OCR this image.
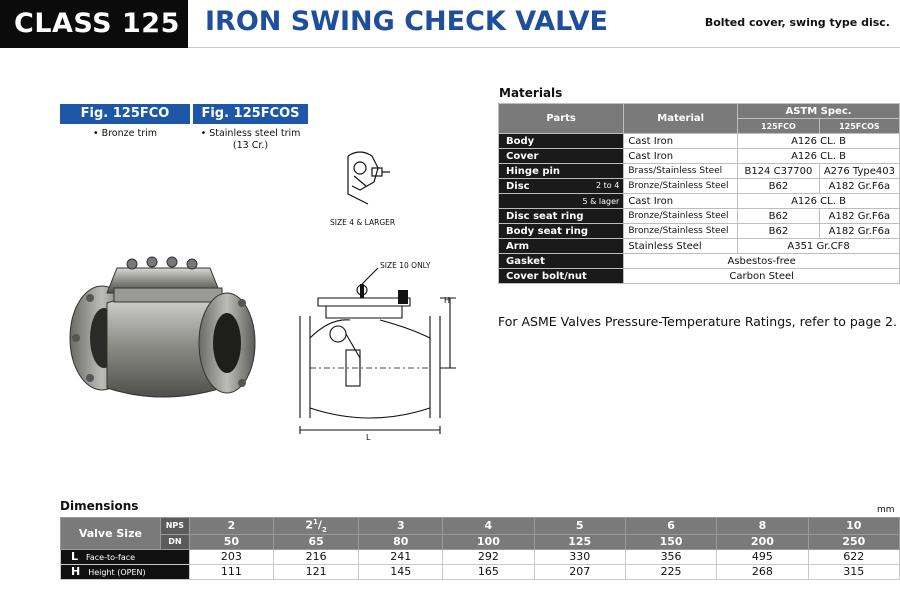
CLASS 125 IRON SWING CHECK VALVE	Bolted cover, swing type disc.
Fig. 125FCO	Fig. 125FCOS
• Bronze trim	• Stainless steel trim
(13 Cr.)
SIZE 4 & LARGER
SIZE 10 ONLY
H
L
Materials
Parts	Material	ASTM Spec.	
		125FCO	125FCOS
Body	Cast Iron	A126 CL. B	
Cover	Cast Iron	A126 CL. B	
Hinge pin	Brass/Stainless Steel	B124 C37700	A276 Type403
Disc 2 to 4	Bronze/Stainless Steel	B62	A182 Gr.F6a

5 & lager	Cast Iron	A126 CL. B	
Disc seat ring	Bronze/Stainless Steel	B62	A182 Gr.F6a
Body seat ring	Bronze/Stainless Steel	B62	A182 Gr.F6a
Arm	Stainless Steel	A351 Gr.CF8	
Gasket	Asbestos-free		
Cover bolt/nut	Carbon Steel		
For ASME Valves Pressure-Temperature Ratings, refer to page 2.
Dimensions	mm
Valve Size	NPS	2	$2^1/_2$	3	4	5	6	8	10
	DN	50	65	80	100	125	150	200	250
L Face-to-face		203	216	241	292	330	356	495	622
H Height (OPEN)		111	121	145	165	207	225	268	315
